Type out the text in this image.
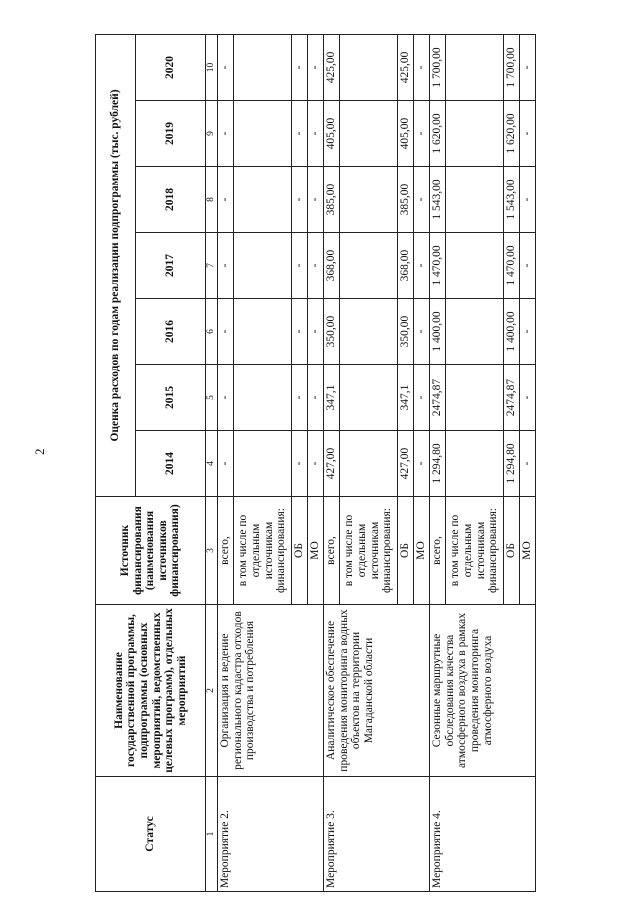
2
Статус	Наименование государственной программы, подпрограммы (основных мероприятий, ведомственных целевых программ), отдельных мероприятий	Источник финансирования (наименования источников финансирования)	Оценка расходов по годам реализации подпрограммы (тыс. рублей)						
			2014	2015	2016	2017	2018	2019	2020
1	2	3	4	5	6	7	8	9	10
Мероприятие 2.	Организация и ведение регионального кадастра отходов производства и потребления	всего,	-	-	-	-	-	-	-
		в том числе по отдельным источникам финансирования:							
		ОБ	-	-	-	-	-	-	-
		МО	-	-	-	-	-	-	-
Мероприятие 3.	Аналитическое обеспечение проведения мониторинга водных объектов на территории Магаданской области	всего,	427,00	347,1	350,00	368,00	385,00	405,00	425,00
		в том числе по отдельным источникам финансирования:							
		ОБ	427,00	347,1	350,00	368,00	385,00	405,00	425,00
		МО	-	-	-	-	-	-	-
Мероприятие 4.	Сезонные маршрутные обследования качества атмосферного воздуха в рамках проведения мониторинга атмосферного воздуха	всего,	1 294,80	2474,87	1 400,00	1 470,00	1 543,00	1 620,00	1 700,00
		в том числе по отдельным источникам финансирования:							
		ОБ	1 294,80	2474,87	1 400,00	1 470,00	1 543,00	1 620,00	1 700,00
		МО	-	-	-	-	-	-	-
